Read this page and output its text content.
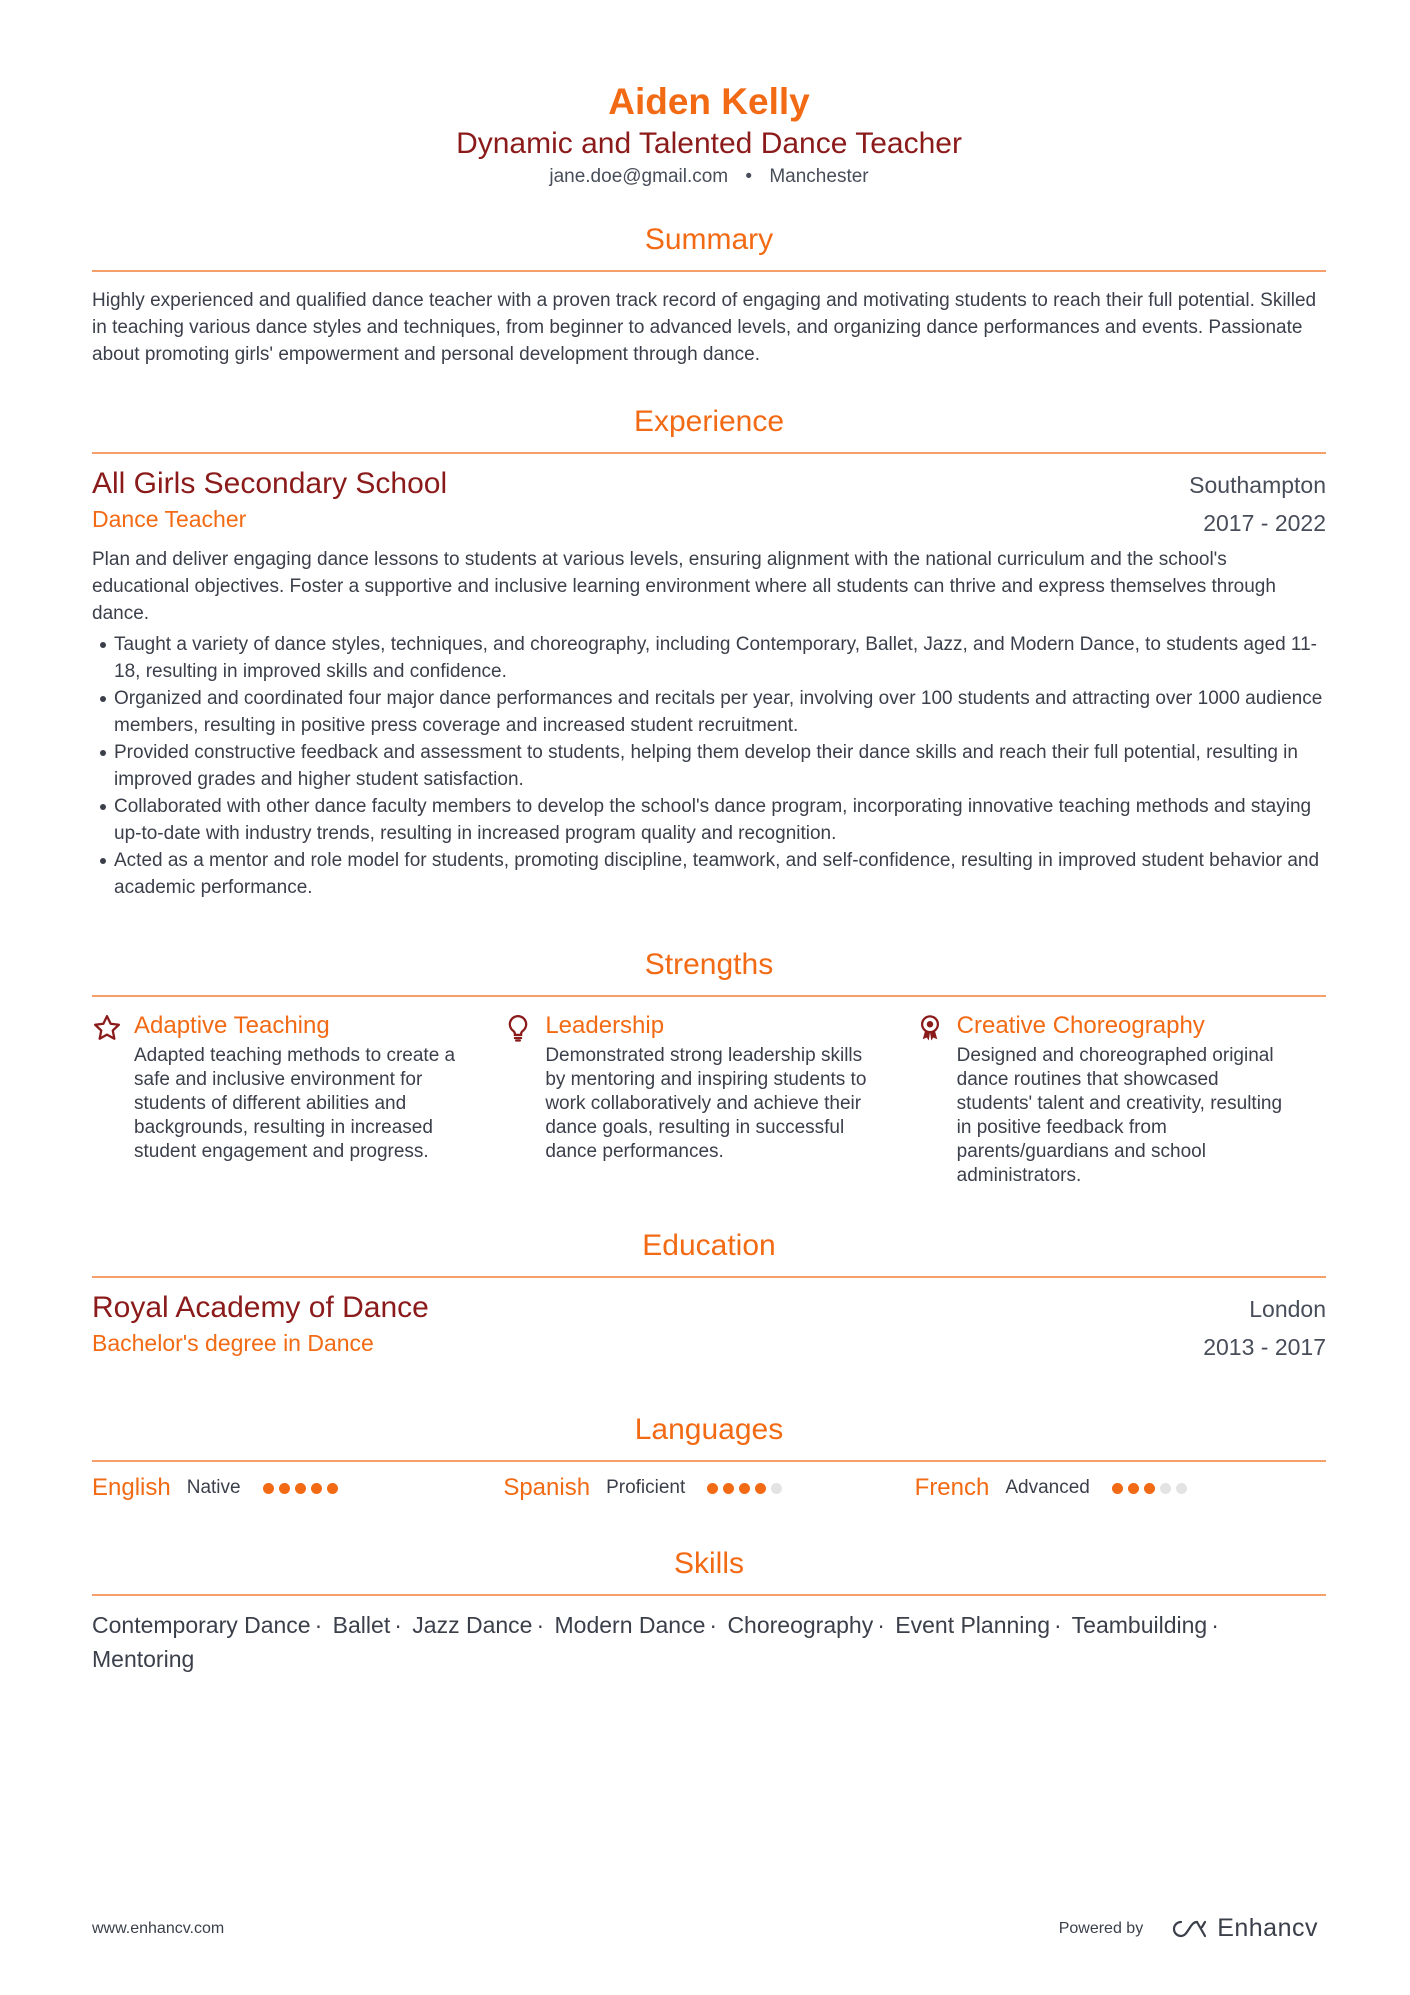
Aiden Kelly
Dynamic and Talented Dance Teacher
jane.doe@gmail.com • Manchester
Summary
Highly experienced and qualified dance teacher with a proven track record of engaging and motivating students to reach their full potential. Skilled in teaching various dance styles and techniques, from beginner to advanced levels, and organizing dance performances and events. Passionate about promoting girls' empowerment and personal development through dance.
Experience
All Girls Secondary School
Dance Teacher
Southampton
2017 - 2022
Plan and deliver engaging dance lessons to students at various levels, ensuring alignment with the national curriculum and the school's educational objectives. Foster a supportive and inclusive learning environment where all students can thrive and express themselves through dance.
Taught a variety of dance styles, techniques, and choreography, including Contemporary, Ballet, Jazz, and Modern Dance, to students aged 11-18, resulting in improved skills and confidence.
Organized and coordinated four major dance performances and recitals per year, involving over 100 students and attracting over 1000 audience members, resulting in positive press coverage and increased student recruitment.
Provided constructive feedback and assessment to students, helping them develop their dance skills and reach their full potential, resulting in improved grades and higher student satisfaction.
Collaborated with other dance faculty members to develop the school's dance program, incorporating innovative teaching methods and staying up-to-date with industry trends, resulting in increased program quality and recognition.
Acted as a mentor and role model for students, promoting discipline, teamwork, and self-confidence, resulting in improved student behavior and academic performance.
Strengths
Adaptive Teaching
Adapted teaching methods to create a safe and inclusive environment for students of different abilities and backgrounds, resulting in increased student engagement and progress.
Leadership
Demonstrated strong leadership skills by mentoring and inspiring students to work collaboratively and achieve their dance goals, resulting in successful dance performances.
Creative Choreography
Designed and choreographed original dance routines that showcased students' talent and creativity, resulting in positive feedback from parents/guardians and school administrators.
Education
Royal Academy of Dance
Bachelor's degree in Dance
London
2013 - 2017
Languages
English Native	Spanish Proficient	French Advanced
Skills
Contemporary Dance · Ballet · Jazz Dance · Modern Dance · Choreography · Event Planning · Teambuilding · Mentoring
www.enhancv.com	Powered by	Enhancv
